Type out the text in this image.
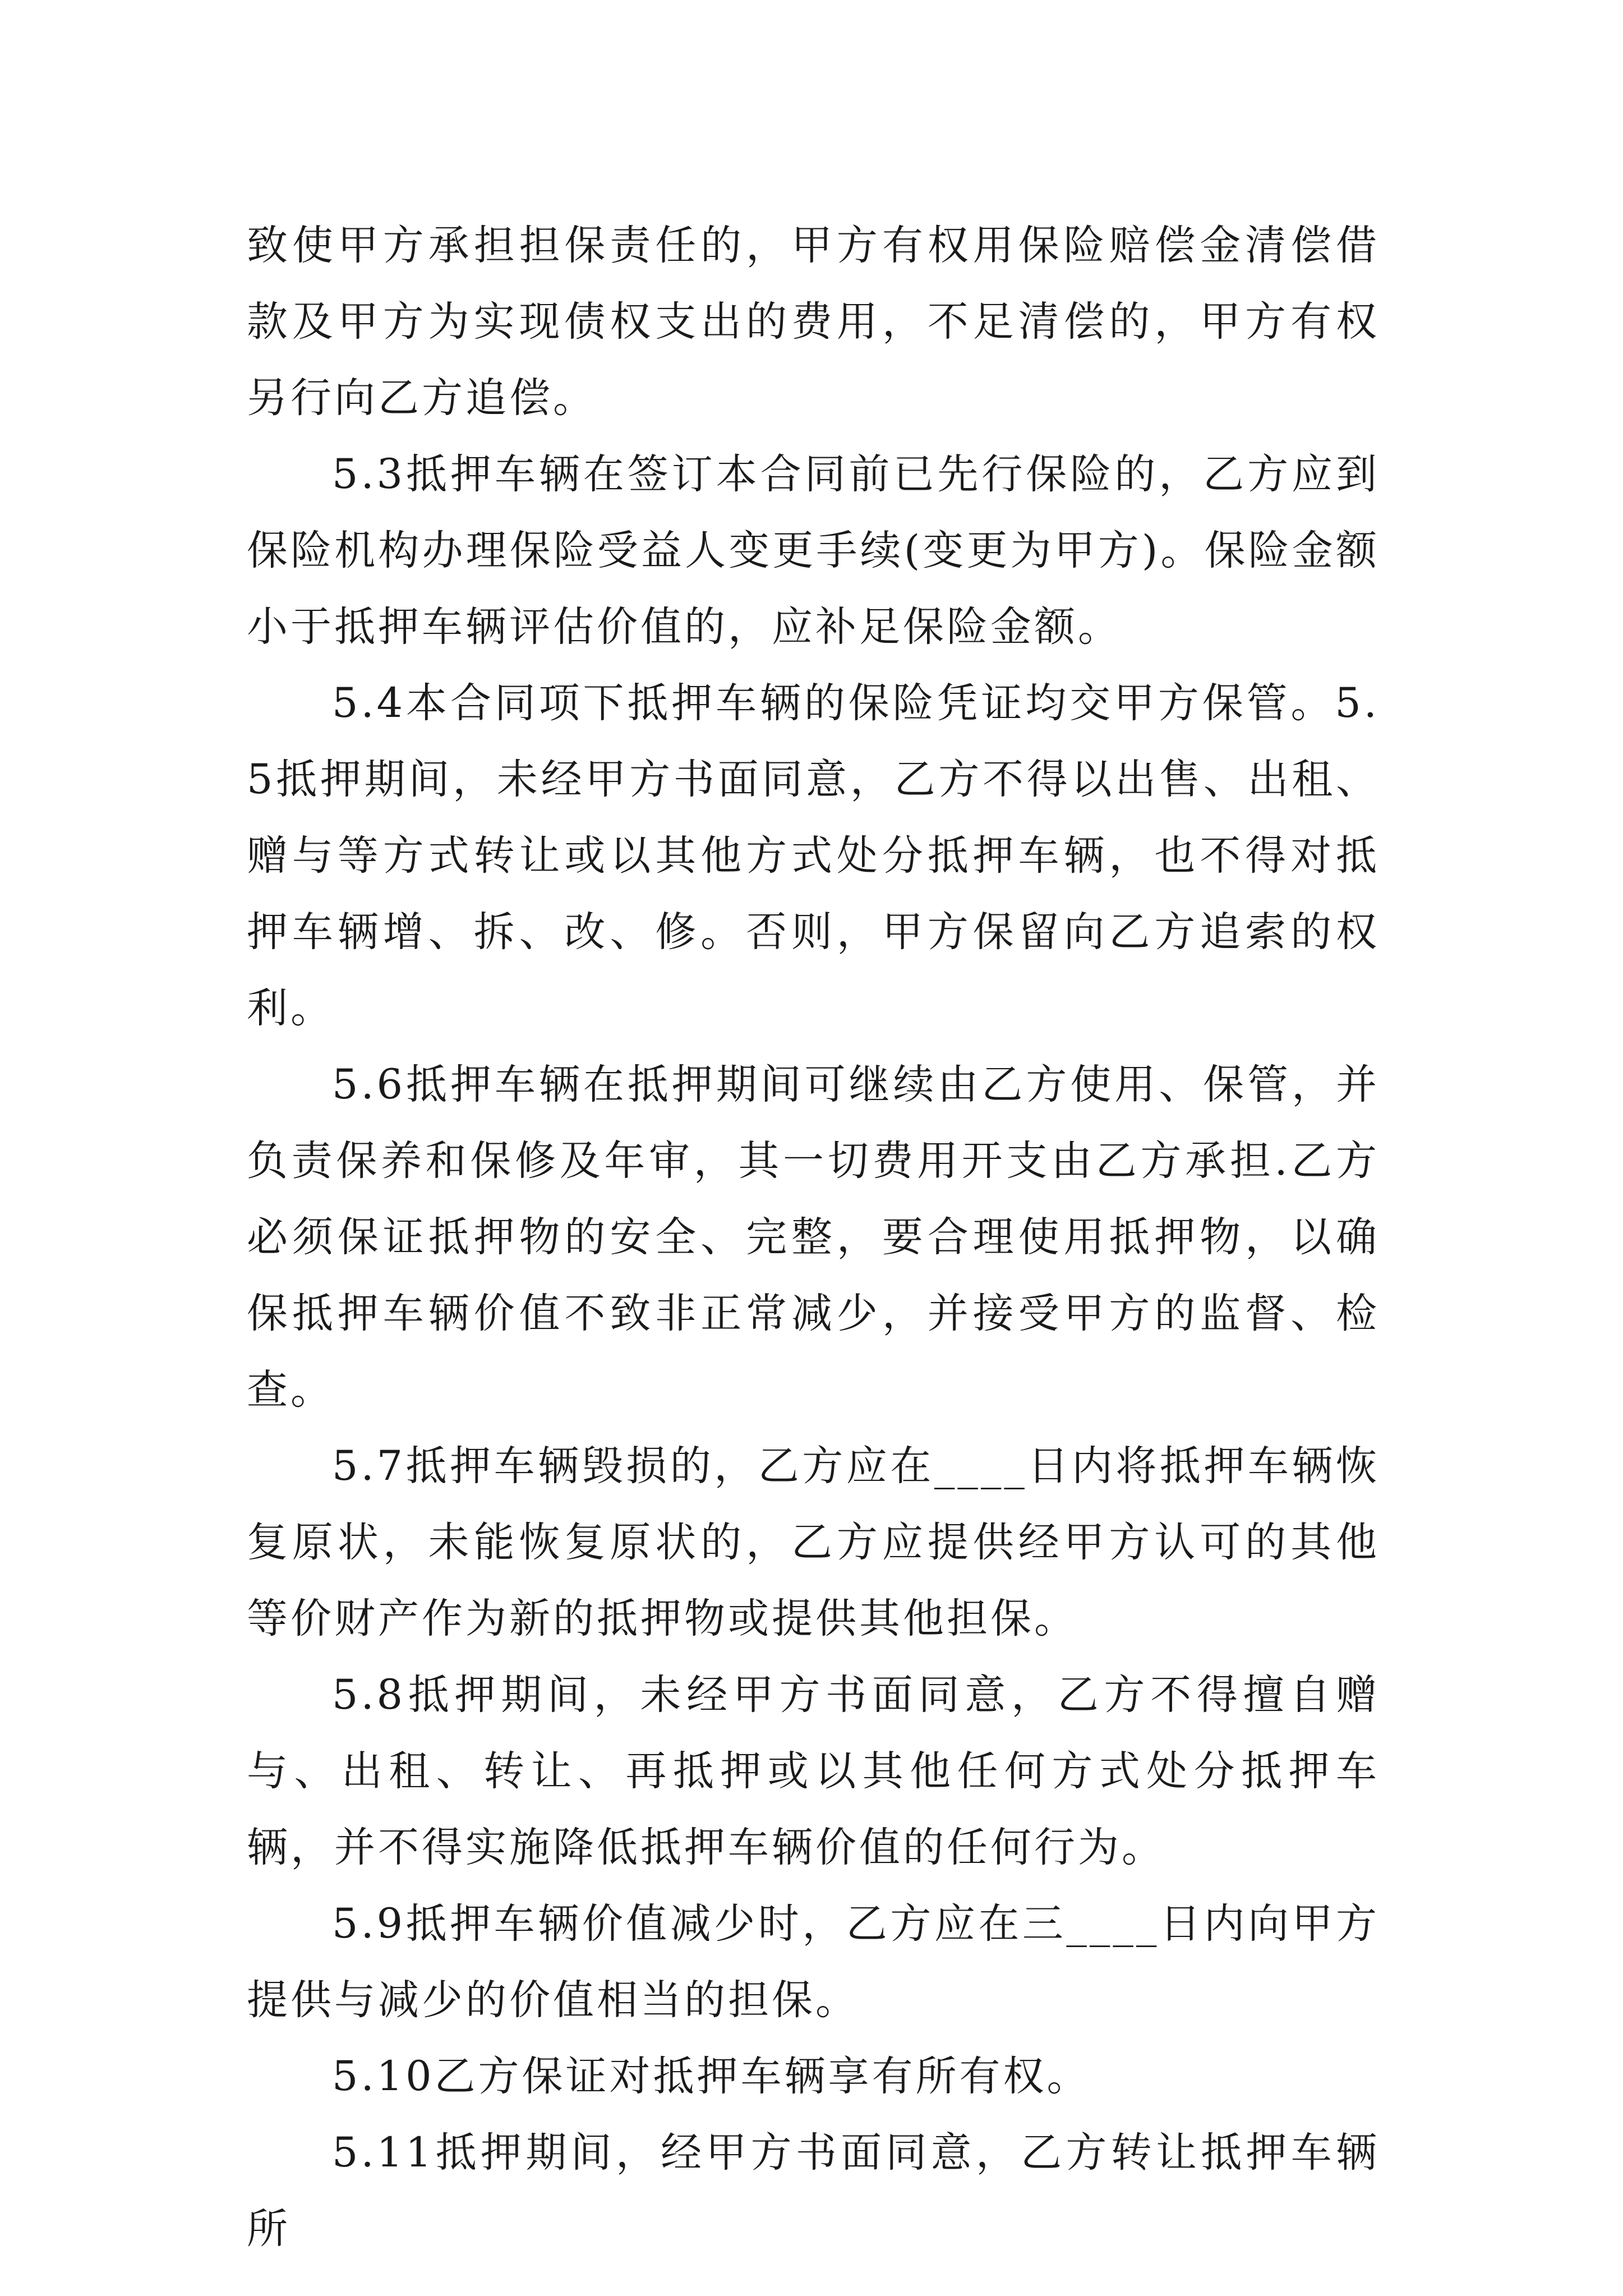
致使甲方承担担保责任的，甲方有权用保险赔偿金清偿借款及甲方为实现债权支出的费用，不足清偿的，甲方有权另行向乙方追偿。

5.3抵押车辆在签订本合同前已先行保险的，乙方应到保险机构办理保险受益人变更手续(变更为甲方)。保险金额小于抵押车辆评估价值的，应补足保险金额。

5.4本合同项下抵押车辆的保险凭证均交甲方保管。5.5抵押期间，未经甲方书面同意，乙方不得以出售、出租、赠与等方式转让或以其他方式处分抵押车辆，也不得对抵押车辆增、拆、改、修。否则，甲方保留向乙方追索的权利。

5.6抵押车辆在抵押期间可继续由乙方使用、保管，并负责保养和保修及年审，其一切费用开支由乙方承担.乙方必须保证抵押物的安全、完整，要合理使用抵押物，以确保抵押车辆价值不致非正常减少，并接受甲方的监督、检查。

5.7抵押车辆毁损的，乙方应在____日内将抵押车辆恢复原状，未能恢复原状的，乙方应提供经甲方认可的其他等价财产作为新的抵押物或提供其他担保。

5.8抵押期间，未经甲方书面同意，乙方不得擅自赠与、出租、转让、再抵押或以其他任何方式处分抵押车辆，并不得实施降低抵押车辆价值的任何行为。

5.9抵押车辆价值减少时，乙方应在三____日内向甲方提供与减少的价值相当的担保。

5.10乙方保证对抵押车辆享有所有权。

5.11抵押期间，经甲方书面同意，乙方转让抵押车辆所
